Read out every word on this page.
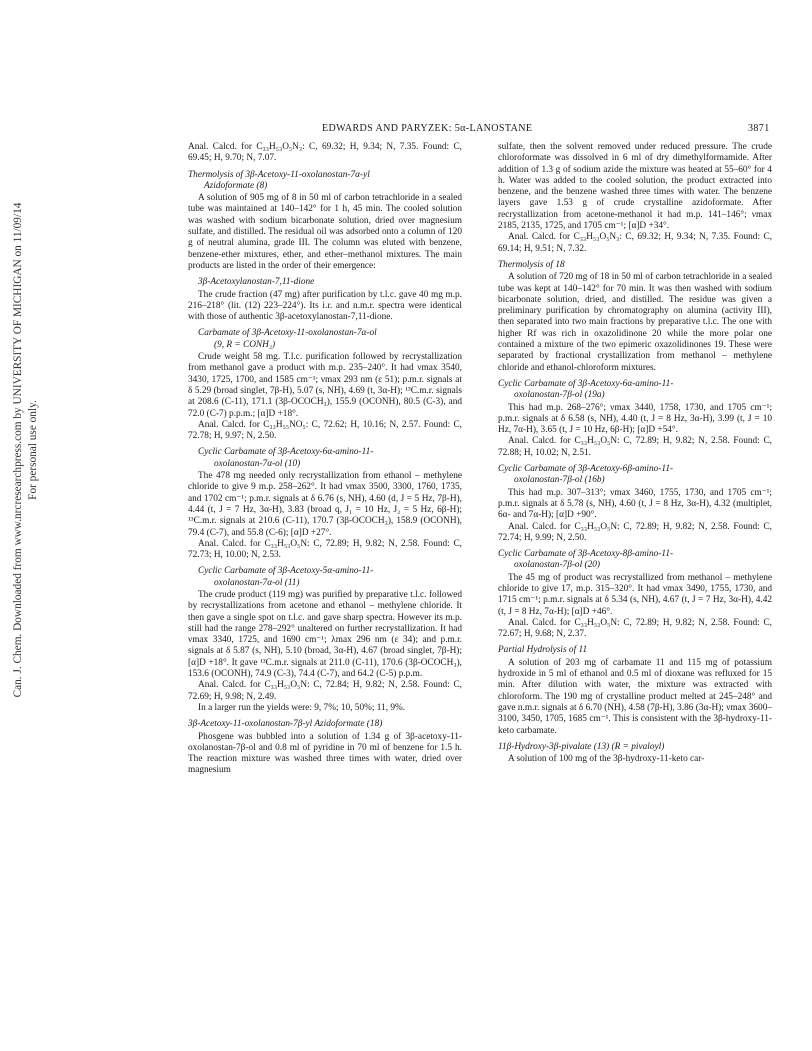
Can. J. Chem. Downloaded from www.nrcresearchpress.com by UNIVERSITY OF MICHIGAN on 11/09/14 For personal use only.
EDWARDS AND PARYZEK: 5α-LANOSTANE	3871

Anal. Calcd. for C₃₃H₅₃O₅N₃: C, 69.32; H, 9.34; N, 7.35. Found: C, 69.45; H, 9.70; N, 7.07.

Thermolysis of 3β-Acetoxy-11-oxolanostan-7α-yl
Azidoformate (8)

A solution of 905 mg of 8 in 50 ml of carbon tetrachloride in a sealed tube was maintained at 140–142° for 1 h, 45 min. The cooled solution was washed with sodium bicarbonate solution, dried over magnesium sulfate, and distilled. The residual oil was adsorbed onto a column of 120 g of neutral alumina, grade III. The column was eluted with benzene, benzene-ether mixtures, ether, and ether–methanol mixtures. The main products are listed in the order of their emergence:

3β-Acetoxylanostan-7,11-dione

The crude fraction (47 mg) after purification by t.l.c. gave 40 mg m.p. 216–218° (lit. (12) 223–224°). Its i.r. and n.m.r. spectra were identical with those of authentic 3β-acetoxylanostan-7,11-dione.

Carbamate of 3β-Acetoxy-11-oxolanostan-7α-ol
(9, R = CONH₂)

Crude weight 58 mg. T.l.c. purification followed by recrystallization from methanol gave a product with m.p. 235–240°. It had νmax 3540, 3430, 1725, 1700, and 1585 cm⁻¹; νmax 293 nm (ε 51); p.m.r. signals at δ 5.29 (broad singlet, 7β-H), 5.07 (s, NH), 4.69 (t, 3α-H); ¹³C.m.r. signals at 208.6 (C-11), 171.1 (3β-OCOCH₃), 155.9 (OCONH), 80.5 (C-3), and 72.0 (C-7) p.p.m.; [α]D +18°.

Anal. Calcd. for C₃₃H₅₅NO₅: C, 72.62; H, 10.16; N, 2.57. Found: C, 72.78; H, 9.97; N, 2.50.

Cyclic Carbamate of 3β-Acetoxy-6α-amino-11-
oxolanostan-7α-ol (10)

The 478 mg needed only recrystallization from ethanol – methylene chloride to give 9 m.p. 258–262°. It had νmax 3500, 3300, 1760, 1735, and 1702 cm⁻¹; p.m.r. signals at δ 6.76 (s, NH), 4.60 (d, J = 5 Hz, 7β-H), 4.44 (t, J = 7 Hz, 3α-H), 3.83 (broad q, J₁ = 10 Hz, J₂ = 5 Hz, 6β-H); ¹³C.m.r. signals at 210.6 (C-11), 170.7 (3β-OCOCH₃), 158.9 (OCONH), 79.4 (C-7), and 55.8 (C-6); [α]D +27°.

Anal. Calcd. for C₃₃H₅₃O₅N: C, 72.89; H, 9.82; N, 2.58. Found: C, 72.73; H, 10.00; N, 2.53.

Cyclic Carbamate of 3β-Acetoxy-5α-amino-11-
oxolanostan-7α-ol (11)

The crude product (119 mg) was purified by preparative t.l.c. followed by recrystallizations from acetone and ethanol – methylene chloride. It then gave a single spot on t.l.c. and gave sharp spectra. However its m.p. still had the range 278–292° unaltered on further recrystallization. It had νmax 3340, 1725, and 1690 cm⁻¹; λmax 296 nm (ε 34); and p.m.r. signals at δ 5.87 (s, NH), 5.10 (broad, 3α-H), 4.67 (broad singlet, 7β-H); [α]D +18°. It gave ¹³C.m.r. signals at 211.0 (C-11), 170.6 (3β-OCOCH₃), 153.6 (OCONH), 74.9 (C-3), 74.4 (C-7), and 64.2 (C-5) p.p.m.

Anal. Calcd. for C₃₃H₅₃O₅N: C, 72.84; H, 9.82; N, 2.58. Found: C, 72.69; H, 9.98; N, 2.49.

In a larger run the yields were: 9, 7%; 10, 50%; 11, 9%.

3β-Acetoxy-11-oxolanostan-7β-yl Azidoformate (18)

Phosgene was bubbled into a solution of 1.34 g of 3β-acetoxy-11-oxolanostan-7β-ol and 0.8 ml of pyridine in 70 ml of benzene for 1.5 h. The reaction mixture was washed three times with water, dried over magnesium

sulfate, then the solvent removed under reduced pressure. The crude chloroformate was dissolved in 6 ml of dry dimethylformamide. After addition of 1.3 g of sodium azide the mixture was heated at 55–60° for 4 h. Water was added to the cooled solution, the product extracted into benzene, and the benzene washed three times with water. The benzene layers gave 1.53 g of crude crystalline azidoformate. After recrystallization from acetone-methanol it had m.p. 141–146°; νmax 2185, 2135, 1725, and 1705 cm⁻¹; [α]D +34°.

Anal. Calcd. for C₃₃H₅₃O₅N₃: C, 69.32; H, 9.34; N, 7.35. Found: C, 69.14; H, 9.51; N, 7.32.

Thermolysis of 18

A solution of 720 mg of 18 in 50 ml of carbon tetrachloride in a sealed tube was kept at 140–142° for 70 min. It was then washed with sodium bicarbonate solution, dried, and distilled. The residue was given a preliminary purification by chromatography on alumina (activity III), then separated into two main fractions by preparative t.l.c. The one with higher Rf was rich in oxazolidinone 20 while the more polar one contained a mixture of the two epimeric oxazolidinones 19. These were separated by fractional crystallization from methanol – methylene chloride and ethanol-chloroform mixtures.

Cyclic Carbamate of 3β-Acetoxy-6α-amino-11-
oxolanostan-7β-ol (19a)

This had m.p. 268–276°; νmax 3440, 1758, 1730, and 1705 cm⁻¹; p.m.r. signals at δ 6.58 (s, NH), 4.40 (t, J = 8 Hz, 3α-H), 3.99 (t, J = 10 Hz, 7α-H), 3.65 (t, J = 10 Hz, 6β-H); [α]D +54°.

Anal. Calcd. for C₃₃H₅₃O₅N: C, 72.89; H, 9.82; N, 2.58. Found: C, 72.88; H, 10.02; N, 2.51.

Cyclic Carbamate of 3β-Acetoxy-6β-amino-11-
oxolanostan-7β-ol (16b)

This had m.p. 307–313°; νmax 3460, 1755, 1730, and 1705 cm⁻¹; p.m.r. signals at δ 5.78 (s, NH), 4.60 (t, J = 8 Hz, 3α-H), 4.32 (multiplet, 6α- and 7α-H); [α]D +90°.

Anal. Calcd. for C₃₃H₅₃O₅N: C, 72.89; H, 9.82; N, 2.58. Found: C, 72.74; H, 9.99; N, 2.50.

Cyclic Carbamate of 3β-Acetoxy-8β-amino-11-
oxolanostan-7β-ol (20)

The 45 mg of product was recrystallized from methanol – methylene chloride to give 17, m.p. 315–320°. It had νmax 3490, 1755, 1730, and 1715 cm⁻¹; p.m.r. signals at δ 5.34 (s, NH), 4.67 (t, J = 7 Hz, 3α-H), 4.42 (t, J = 8 Hz, 7α-H); [α]D +46°.

Anal. Calcd. for C₃₃H₅₃O₅N: C, 72.89; H, 9.82; N, 2.58. Found: C, 72.67; H, 9.68; N, 2.37.

Partial Hydrolysis of 11

A solution of 203 mg of carbamate 11 and 115 mg of potassium hydroxide in 5 ml of ethanol and 0.5 ml of dioxane was refluxed for 15 min. After dilution with water, the mixture was extracted with chloroform. The 190 mg of crystalline product melted at 245–248° and gave n.m.r. signals at δ 6.70 (NH), 4.58 (7β-H), 3.86 (3α-H); νmax 3600–3100, 3450, 1705, 1685 cm⁻¹. This is consistent with the 3β-hydroxy-11-keto carbamate.

11β-Hydroxy-3β-pivalate (13) (R = pivaloyl)

A solution of 100 mg of the 3β-hydroxy-11-keto car-
